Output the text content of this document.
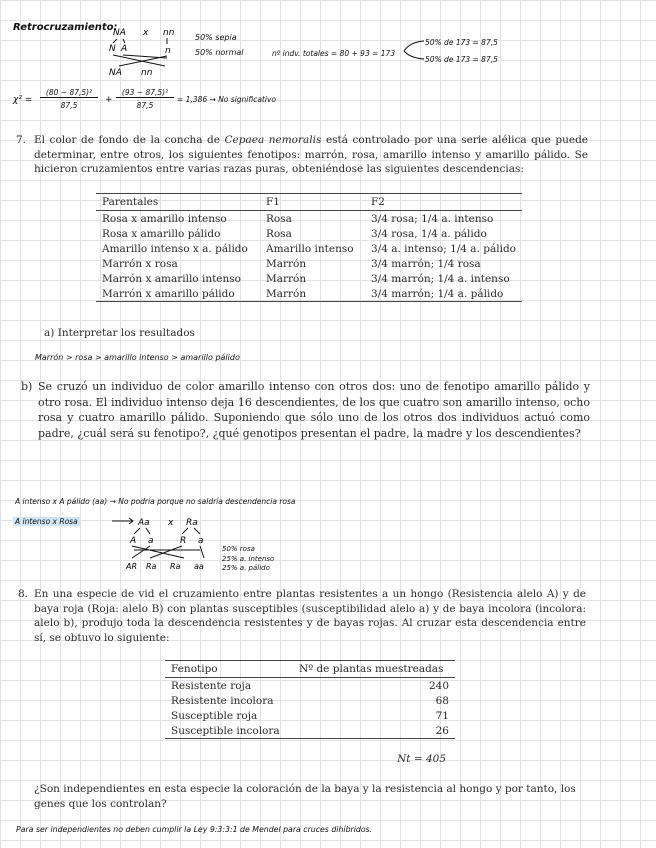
Retrocruzamiento:
NA x nn
N A	n
NA nn
50% sepia
50% normal	nº indv. totales = 80 + 93 = 173
50% de 173 = 87,5
50% de 173 = 87,5
χ² =
(80 − 87,5)²
87,5
+
(93 − 87,5)²
87,5
= 1,386 → No significativo
7. El color de fondo de la concha de Cepaea nemoralis está controlado por una serie alélica que puede determinar, entre otros, los siguientes fenotipos: marrón, rosa, amarillo intenso y amarillo pálido. Se hicieron cruzamientos entre varias razas puras, obteniéndose las siguientes descendencias:
Parentales	F1	F2
Rosa x amarillo intenso	Rosa	3/4 rosa; 1/4 a. intenso
Rosa x amarillo pálido	Rosa	3/4 rosa, 1/4 a. pálido
Amarillo intenso x a. pálido	Amarillo intenso	3/4 a. intenso; 1/4 a. pálido
Marrón x rosa	Marrón	3/4 marrón; 1/4 rosa
Marrón x amarillo intenso	Marrón	3/4 marrón; 1/4 a. intenso
Marrón x amarillo pálido	Marrón	3/4 marrón; 1/4 a. pálido
a) Interpretar los resultados
Marrón > rosa > amarillo intenso > amarillo pálido
b) Se cruzó un individuo de color amarillo intenso con otros dos: uno de fenotipo amarillo pálido y otro rosa. El individuo intenso deja 16 descendientes, de los que cuatro son amarillo intenso, ocho rosa y cuatro amarillo pálido. Suponiendo que sólo uno de los otros dos individuos actuó como padre, ¿cuál será su fenotipo?, ¿qué genotipos presentan el padre, la madre y los descendientes?
A intenso x A pálido (aa) → No podría porque no saldría descendencia rosa
A intenso x Rosa	Aa x Ra
A a	R a
AR Ra Ra aa
50% rosa
25% a. intenso
25% a. pálido
8. En una especie de vid el cruzamiento entre plantas resistentes a un hongo (Resistencia alelo A) y de baya roja (Roja: alelo B) con plantas susceptibles (susceptibilidad alelo a) y de baya incolora (incolora: alelo b), produjo toda la descendencia resistentes y de bayas rojas. Al cruzar esta descendencia entre sí, se obtuvo lo siguiente:
Fenotipo	Nº de plantas muestreadas
Resistente roja	240
Resistente incolora	68
Susceptible roja	71
Susceptible incolora	26
Nt = 405
¿Son independientes en esta especie la coloración de la baya y la resistencia al hongo y por tanto, los genes que los controlan?
Para ser independientes no deben cumplir la Ley 9:3:3:1 de Mendel para cruces dihíbridos.
